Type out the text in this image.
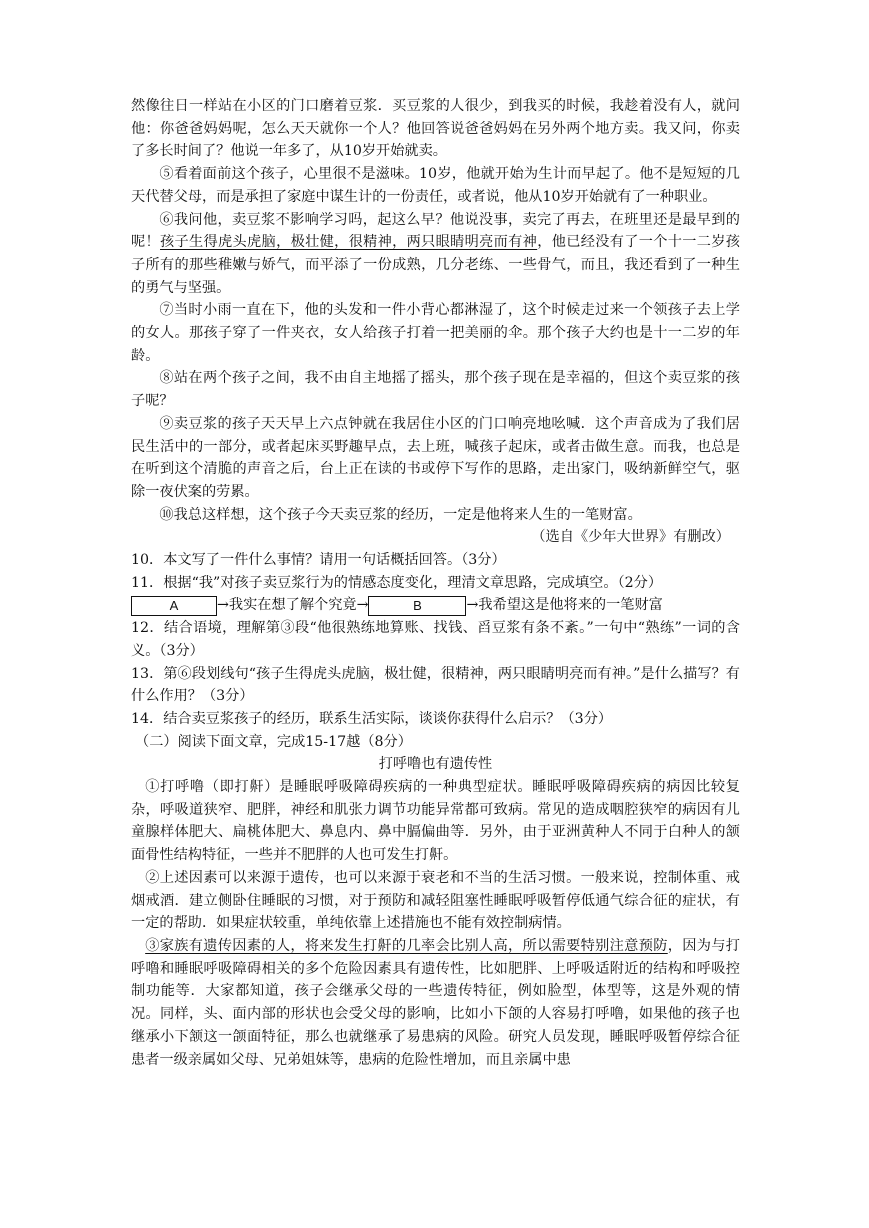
然像往日一样站在小区的门口磨着豆浆．买豆浆的人很少，到我买的时候，我趁着没有人，就问他：你爸爸妈妈呢，怎么天天就你一个人？他回答说爸爸妈妈在另外两个地方卖。我又问，你卖了多长时间了？他说一年多了，从10岁开始就卖。

⑤看着面前这个孩子，心里很不是滋味。10岁，他就开始为生计而早起了。他不是短短的几天代替父母，而是承担了家庭中谋生计的一份责任，或者说，他从10岁开始就有了一种职业。

⑥我问他，卖豆浆不影响学习吗，起这么早？他说没事，卖完了再去，在班里还是最早到的呢！孩子生得虎头虎脑，极壮健，很精神，两只眼睛明亮而有神，他已经没有了一个十一二岁孩子所有的那些稚嫩与娇气，而平添了一份成熟，几分老练、一些骨气，而且，我还看到了一种生的勇气与坚强。

⑦当时小雨一直在下，他的头发和一件小背心都淋湿了，这个时候走过来一个领孩子去上学的女人。那孩子穿了一件夹衣，女人给孩子打着一把美丽的伞。那个孩子大约也是十一二岁的年龄。

⑧站在两个孩子之间，我不由自主地摇了摇头，那个孩子现在是幸福的，但这个卖豆浆的孩子呢？

⑨卖豆浆的孩子天天早上六点钟就在我居住小区的门口响亮地吆喊．这个声音成为了我们居民生活中的一部分，或者起床买野趣早点，去上班，喊孩子起床，或者击做生意。而我，也总是在听到这个清脆的声音之后，台上正在读的书或停下写作的思路，走出家门，吸纳新鲜空气，驱除一夜伏案的劳累。

⑩我总这样想，这个孩子今天卖豆浆的经历，一定是他将来人生的一笔财富。

（选自《少年大世界》有删改）

10．本文写了一件什么事情？请用一句话概括回答。（3分）

11．根据“我”对孩子卖豆浆行为的情感态度变化，理清文章思路，完成填空。（2分）

A	→ 我实在想了解个究竟 →	B	→ 我希望这是他将来的一笔财富

12．结合语境，理解第③段“他很熟练地算账、找钱、舀豆浆有条不紊。”一句中“熟练”一词的含义。（3分）

13．第⑥段划线句“孩子生得虎头虎脑，极壮健，很精神，两只眼睛明亮而有神。”是什么描写？有什么作用？（3分）

14．结合卖豆浆孩子的经历，联系生活实际，谈谈你获得什么启示？（3分）

（二）阅读下面文章，完成15-17越（8分）

打呼噜也有遗传性

①打呼噜（即打鼾）是睡眠呼吸障碍疾病的一种典型症状。睡眠呼吸障碍疾病的病因比较复杂，呼吸道狭窄、肥胖，神经和肌张力调节功能异常都可致病。常见的造成咽腔狭窄的病因有儿童腺样体肥大、扁桃体肥大、鼻息内、鼻中膈偏曲等．另外，由于亚洲黄种人不同于白种人的颔面骨性结构特征，一些并不肥胖的人也可发生打鼾。

②上述因素可以来源于遗传，也可以来源于衰老和不当的生活习惯。一般来说，控制体重、戒烟戒酒．建立侧卧住睡眠的习惯，对于预防和减轻阻塞性睡眠呼吸暂停低通气综合征的症状，有一定的帮助．如果症状较重，单纯依靠上述措施也不能有效控制病情。

③家族有遗传因素的人，将来发生打鼾的几率会比别人高，所以需要特别注意预防，因为与打呼噜和睡眠呼吸障碍相关的多个危险因素具有遗传性，比如肥胖、上呼吸适附近的结构和呼吸控制功能等．大家都知道，孩子会继承父母的一些遗传特征，例如脸型，体型等，这是外观的情况。同样，头、面内部的形状也会受父母的影响，比如小下颌的人容易打呼噜，如果他的孩子也继承小下颔这一颌面特征，那么也就继承了易患病的风险。研究人员发现，睡眠呼吸暂停综合征患者一级亲属如父母、兄弟姐妹等，患病的危险性增加，而且亲属中患
